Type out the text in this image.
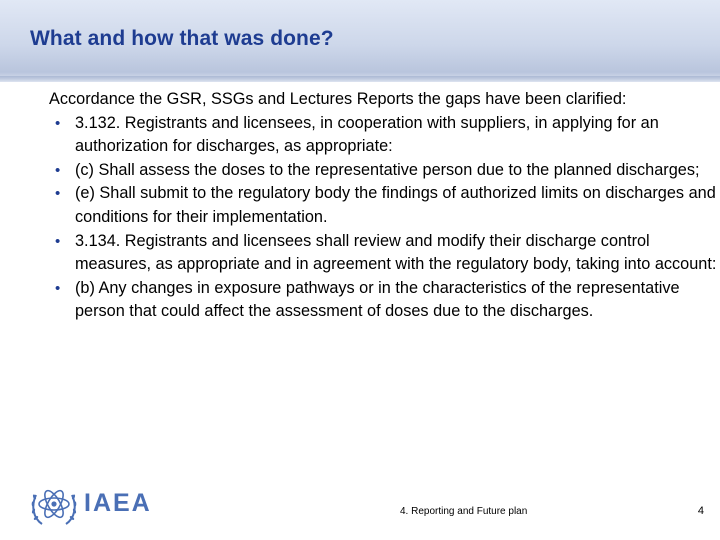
What and how that was done?
Accordance the GSR, SSGs and Lectures Reports the gaps have been clarified:
• 3.132. Registrants and licensees, in cooperation with suppliers, in applying for an authorization for discharges, as appropriate:
• (c) Shall assess the doses to the representative person due to the planned discharges;
• (e) Shall submit to the regulatory body the findings of authorized limits on discharges and conditions for their implementation.
• 3.134. Registrants and licensees shall review and modify their discharge control measures, as appropriate and in agreement with the regulatory body, taking into account:
• (b) Any changes in exposure pathways or in the characteristics of the representative person that could affect the assessment of doses due to the discharges.
IAEA	4. Reporting and Future plan	4
